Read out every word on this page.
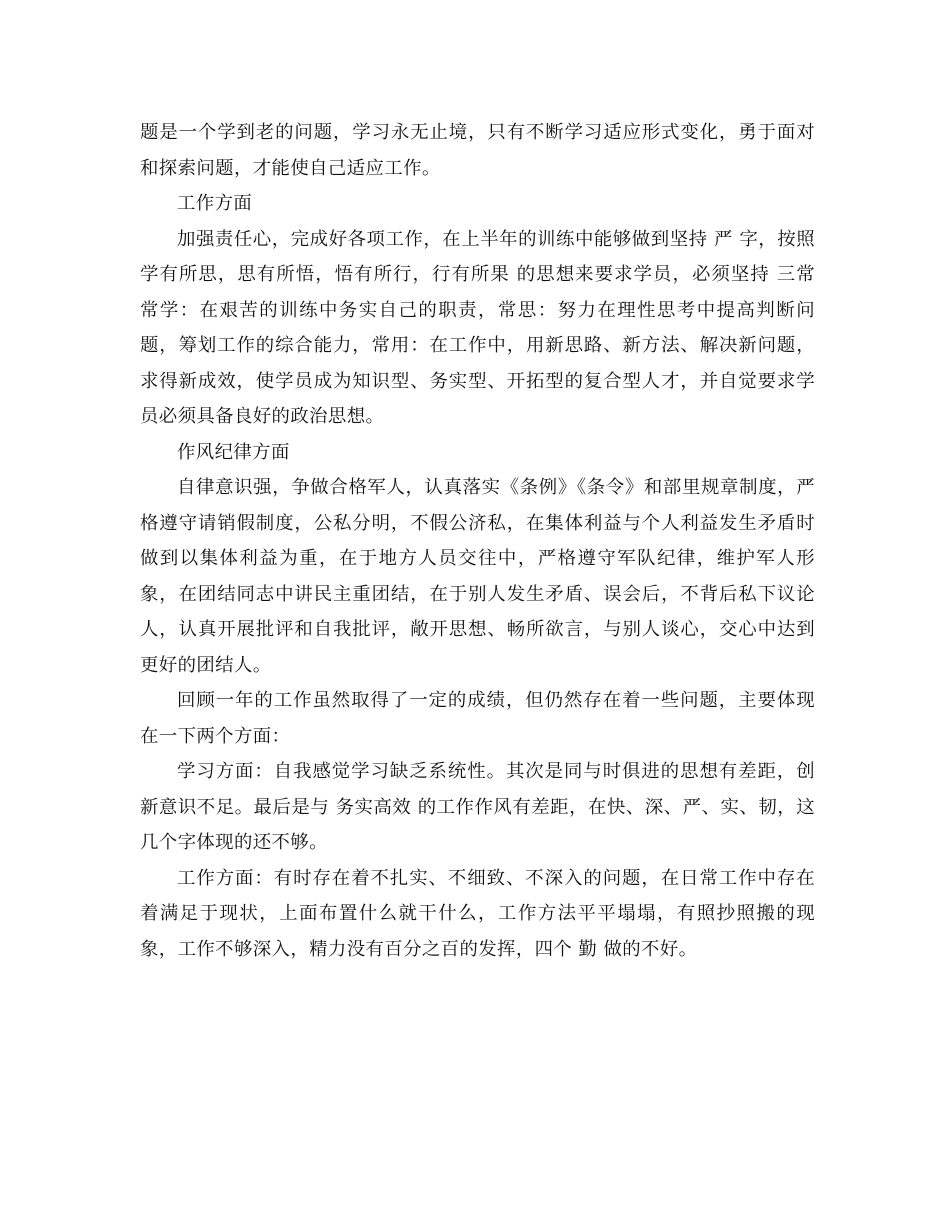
题是一个学到老的问题，学习永无止境，只有不断学习适应形式变化，勇于面对和探索问题，才能使自己适应工作。

工作方面

加强责任心，完成好各项工作，在上半年的训练中能够做到坚持 严 字，按照学有所思，思有所悟，悟有所行，行有所果 的思想来要求学员，必须坚持 三常 常学：在艰苦的训练中务实自己的职责，常思：努力在理性思考中提高判断问题，筹划工作的综合能力，常用：在工作中，用新思路、新方法、解决新问题，求得新成效，使学员成为知识型、务实型、开拓型的复合型人才，并自觉要求学员必须具备良好的政治思想。

作风纪律方面

自律意识强，争做合格军人，认真落实《条例》《条令》和部里规章制度，严格遵守请销假制度，公私分明，不假公济私，在集体利益与个人利益发生矛盾时做到以集体利益为重，在于地方人员交往中，严格遵守军队纪律，维护军人形象，在团结同志中讲民主重团结，在于别人发生矛盾、误会后，不背后私下议论人，认真开展批评和自我批评，敞开思想、畅所欲言，与别人谈心，交心中达到更好的团结人。

回顾一年的工作虽然取得了一定的成绩，但仍然存在着一些问题，主要体现在一下两个方面：

学习方面：自我感觉学习缺乏系统性。其次是同与时俱进的思想有差距，创新意识不足。最后是与 务实高效 的工作作风有差距，在快、深、严、实、韧，这几个字体现的还不够。

工作方面：有时存在着不扎实、不细致、不深入的问题，在日常工作中存在着满足于现状，上面布置什么就干什么，工作方法平平塌塌，有照抄照搬的现象，工作不够深入，精力没有百分之百的发挥，四个 勤 做的不好。
